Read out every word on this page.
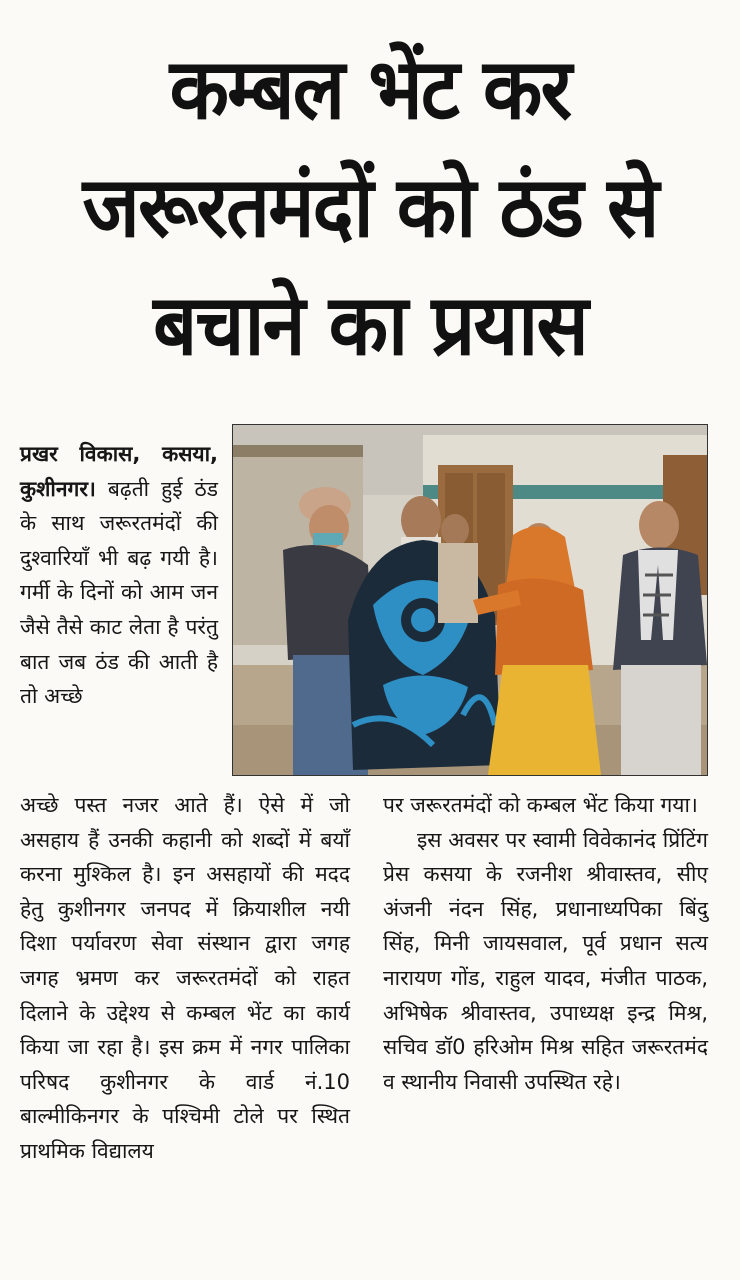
कम्बल भेंट कर
जरूरतमंदों को ठंड से
बचाने का प्रयास

प्रखर विकास, कसया, कुशीनगर। बढ़ती हुई ठंड के साथ जरूरतमंदों की दुश्वारियाँ भी बढ़ गयी है। गर्मी के दिनों को आम जन जैसे तैसे काट लेता है परंतु बात जब ठंड की आती है तो अच्छे

अच्छे पस्त नजर आते हैं। ऐसे में जो असहाय हैं उनकी कहानी को शब्दों में बयाँ करना मुश्किल है। इन असहायों की मदद हेतु कुशीनगर जनपद में क्रियाशील नयी दिशा पर्यावरण सेवा संस्थान द्वारा जगह जगह भ्रमण कर जरूरतमंदों को राहत दिलाने के उद्देश्य से कम्बल भेंट का कार्य किया जा रहा है। इस क्रम में नगर पालिका परिषद कुशीनगर के वार्ड नं.10 बाल्मीकिनगर के पश्चिमी टोले पर स्थित प्राथमिक विद्यालय

पर जरूरतमंदों को कम्बल भेंट किया गया।

इस अवसर पर स्वामी विवेकानंद प्रिंटिंग प्रेस कसया के रजनीश श्रीवास्तव, सीए अंजनी नंदन सिंह, प्रधानाध्यपिका बिंदु सिंह, मिनी जायसवाल, पूर्व प्रधान सत्य नारायण गोंड, राहुल यादव, मंजीत पाठक, अभिषेक श्रीवास्तव, उपाध्यक्ष इन्द्र मिश्र, सचिव डॉ0 हरिओम मिश्र सहित जरूरतमंद व स्थानीय निवासी उपस्थित रहे।
